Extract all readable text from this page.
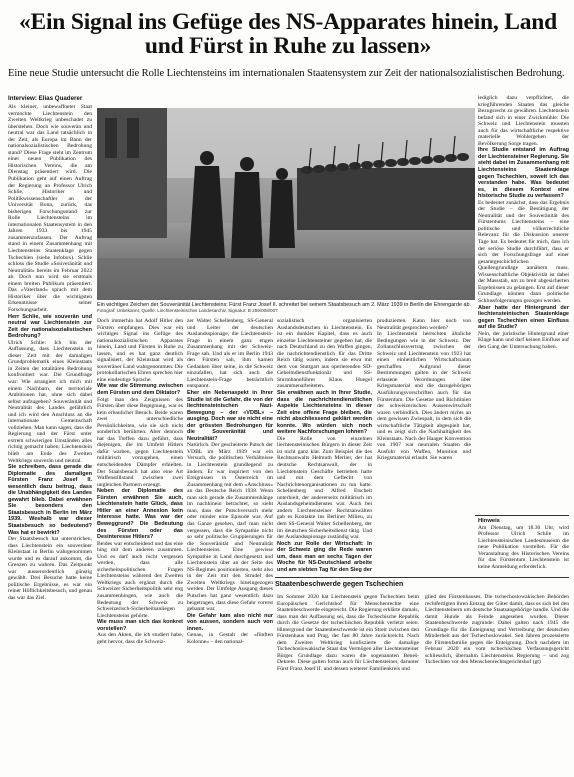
«Ein Signal ins Gefüge des NS-Apparates hinein, Land und Fürst in Ruhe zu lassen»

Eine neue Studie untersucht die Rolle Liechtensteins im internationalen Staatensystem zur Zeit der nationalsozialistischen Bedrohung.

Interview: Elias Quaderer

Als kleiner, unbewaffneter Staat vermochte Liechtenstein den Zweiten Weltkrieg unbeschadet zu überstehen. Doch wie souverän und neutral war das Land tatsächlich in der Zeit, als Europa im Bann der nationalsozialistischen Bedrohung stand? Diese Frage steht im Zentrum einer neuen Publikation des Historischen Vereins, die am Dienstag präsentiert wird. Die Publikation geht auf einen Auftrag der Regierung an Professor Ulrich Schlie, Historiker und Politikwissenschaftler an der Universität Bonn, zurück, das bisherigen Forschungsstand zur Rolle Liechtensteins im internationalen Staatensystem in den Jahren 1933 bis 1945 zusammenzufassen. Der Auftrag stand in einem Zusammenhang mit Liechtensteins Staatenklage gegen Tschechien (siehe Infobox). Schlie schloss die Studie «Souveränität und Neutralität» bereits im Februar 2022 ab. Doch nun wird sie erstmals einem breiten Publikum präsentiert. Das «Vaterland» sprach mit dem Historiker über die wichtigsten Erkenntnisse seiner Forschungsarbeit.

Herr Schlie, wie souverän und neutral war Liechtenstein zur Zeit der nationalsozialistischen Bedrohung?

Ulrich Schlie: Ich bin der Auffassung, dass Liechtenstein in dieser Zeit mit der damaligen Grundproblematik eines Kleinstaats in Zeiten der totalitären Bedrohung konfrontiert war. Die Grundfrage war: Wie arrangiert ich mich mit einem Nachbarn, der territoriale Ambitionen hat, ohne sich dabei selbst aufzugeben? Souveränität und Neutralität des Landes gefährlich und ich wird den Anschluss an die internationale Gemeinschaft vollziehen. Man kann sagen, dass die Regierung und der Fürst unter extrem schwierigen Umständen alles richtig gemacht haben: Liechtenstein blieb am Ende des Zweiten Weltkriegs souverän und neutral.

Sie schreiben, dass gerade die Diplomatie des damaligen Fürsten Franz Josef II. wesentlich dazu beitrug, dass die Unabhängigkeit des Landes gewahrt blieb. Dabei erwähnen Sie besonders den Staatsbesuch in Berlin im März 1939. Weshalb war dieser Staatsbesuch so bedeutend? Was hat er bewirkt?

Der Staatsbesuch hat unterstrichen, dass Liechtenstein ein souveräner Kleinstaat in Berlin wahrgenommen wurde und es darauf ankommt, die Grenzen zu wahren. Das Zeitpunkt war ausserordentlich günstig gewählt. Drei Besuche hatte keine politische Ergebnisse, es war ein reiner Höflichkeitsbesuch, und genau das war das Ziel.

Ein wichtiges Zeichen der Souveränität Liechtensteins: Fürst Franz Josef II. schreitet bei seinem Staatsbesuch am 2. März 1939 in Berlin die Ehrengarde ab.
Fotograf: Unbekannt, Quelle: Liechtensteinisches Landesarchiv, Signatur: B 259/008/007

Doch immerhin hat Adolf Hitler den Fürsten empfangen. Dies war ein wichtiges Signal ins Gefüge des nationalsozialistischen Apparates hinein, Land und Fürsten in Ruhe zu lassen, und es hat ganz deutlich signalisiert, der Kleinstaat wird als souveräner Land wahrgenommen. Die protokollarischen Ehren sprechen hier eine eindeutige Sprache.

Wie war die Stimmung zwischen dem Fürsten und dem Diktator?

Folgt man den Zeugnissen des Fürsten über diese Begegnung, war es kein erbaulicher Besuch. Beide waren zwei unterschiedliche Persönlichkeiten, wie sie sich nicht sonderlich berührten. Aber dennoch hat das Treffen dazu geführt, dass diejenigen, die im Umfeld Hitlers dafür warben, gegen Liechtenstein militärisch vorzugehen, einen entscheidenden Dämpfer erhielten. Der Staatsbesuch hat also eine Art Waffenstillstand zwischen zwei ungleichen Partnern erzeugt.

Neben der Diplomatie des Fürsten erwähnen Sie auch, Liechtenstein hatte Glück, dass Hitler an einer Annexion kein Interesse hatte. Was war der Beweggrund? Die Bedeutung des Fürsten oder das Desinteresse Hitlers?

Beides war entscheidend und das eine hing mit dem anderen zusammen. Und es darf auch nicht vergessen werden, dass alle sicherheitspolitischen Fragen Liechtensteins während des Zweiten Weltkriegs auch ergänzt durch die Schweizer Sicherheitspolitik sehr eng zusammenhingen, wie auch die Bedeutung der Schweiz zu Schweizerisch-Sicherheitsanliegen Liechtensteins gehörte.

Wie muss man sich das konkret vorstellen?

Aus den Akten, die ich studiert habe, geht hervor, dass die Schweiz-

zer Walter Schellenberg, SS-General und Leiter der deutschen Auslandsspionage, die Liechtenstein-Frage in einem ganz engen Zusammenhang mit der Schweiz-Frage sah. Und als er im Berlin 1943 den Fürsten sah, ihm kamen Gedanken über seine, in die Schweiz einzufallen, hat sich auch die Liechtenstein-Frage beträchtlich entspannt.

Eher ein Nebenaspekt in Ihrer Studie ist die Gefahr, die von der liechtensteinischen Nazi-Bewegung – der «VDBL» – ausging. Doch war sie nicht eine der grössten Bedrohungen für die Souveränität und Neutralität?

Natürlich. Der gescheiterte Putsch der VDBL im März 1939 war ein Versuch, die politischen Verhältnisse in Liechtenstein grundlegend zu ändern. Er war inspiriert von den Ereignissen in Österreich im Zusammenhang mit dem «Anschluss» an das Deutsche Reich 1938. Wenn man sich gerade die Zusammenhänge im nachhinein betrachtet, so sieht man, dass der Putschversuch mehr oder minder eine Episode war. Auf das Ganze gesehen, darf man nicht vergessen, dass die Sympathie nicht so sehr politische Gruppierungen für die Souveränität und Neutralität Liechtensteins. Eine gewisse Sympathie in Land durchgesetzt und Liechtenstein über an der Seite des NS-Regimes positionierten, steht also in der Zeit mit den Strudel des Zweiten Weltkriegs hineingezogen werden. Der Umfolge Ausgang dieses Putsches hat ganz wesentlich dazu beigetragen, dass diese Gefahr vorerst gebannt war.

Die Gefahr kam also nicht nur von aussen, sondern auch von innen.

Genau, in Gestalt der «fünften Kolonne» – den national-

sozialistisch organisierten Auslandsdeutschen in Liechtenstein. Es ist ein dunkles Kapitel, dass es auch einzelne Liechtensteiner gegeben hat, die nach Deutschland zu den Waffen gingen, die nachrichtendienstlich für das Dritte Reich tätig waren, indem sie etwa mit dem von Stuttgart aus operierenden SD-Geheimdienstfunktionär und SS-Sturmbannführer Klaus Huegel zusammenarbeiteten.

Sie erwähnen auch in Ihrer Studie, dass die nachrichtendienstlichen Aspekte Liechtensteins in dieser Zeit eine offene Frage bleiben, die nicht abschliessend geklärt werden konnte. Wo würden sich noch weitere Nachforschungen lohnen?

Die Rolle von einzelnen liechtensteinischen Bürgern in dieser Zeit ist nicht ganz klar. Zum Beispiel die des Rechtsanwalts Helmuth Merlier, der hat deutsche Rechtsanwalt, der in Liechtenstein Geschäfte betrieben hatte und mit dem Geflecht von Nachrichtenorganisationen zu tun hatte. Schellenberg und Alfred Etscheit unterhielt, der andererseits militärisch im Auslandsgeheimdienstes war. Auch bei andern Liechtensteiner Rechtsanwälten gab es Kontakte ins Berliner Milieu, zu dem SS-General Walter Schellenberg, der im deutschen Sicherheitsdienst tätig. Und der Auslandsspionage zuständig war.

Noch zur Rolle der Wirtschaft: In der Schweiz ging die Rede waren um, dass man an sechs Tagen der Woche für NS-Deutschland arbeite und am siebten Tag für den Sieg der

produzierten. Kann hier noch von Neutralität gesprochen werden?

In Liechtenstein herrschten ähnliche Bedingungen wie in der Schweiz. Der Zollanschlussvertrag zwischen der Schweiz und Liechtenstein von 1923 hat einen einheitlichen Wirtschaftsraum geschaffen. Aufgrund dieser Bestimmungen galten in der Schweiz erlassene Verordnungen über Kriegsmaterial und die dazugehörigen Ausführungsvorschriften auch für das Fürstentum. Die Gesetze und Richtlinien der schweizerischen Aussenwirtschaft waren verbindlich. Dies ändert nichts an dem gewissen Zwiespalt, in dem sich die wirtschaftliche Tätigkeit abgespielt hat, und es zeigt sich die Nachhaltigkeit des Kleinstaats. Nach der Haager Konvention von 1907 war neutralen Staaten die Ausfuhr von Waffen, Munition und Kriegsmaterial erlaubt. Sie waren

lediglich dazu verpflichtet, die kriegführenden Staaten das gleiche Bezugsrecht zu gewähren. Liechtenstein befand sich in einer Zwickmühle: Die Schweiz und Liechtenstein mussten auch für das wirtschaftliche respektive materielle Wohlergehen der Bevölkerung Sorge tragen.

Ihre Studie entstand im Auftrag der Liechtensteiner Regierung. Sie steht dabei im Zusammenhang mit Liechtensteins Staatenklage gegen Tschechien, soweit ich das verstanden habe. Was bedeutet es, in diesem Kontext eine historische Studie zu verfassen?

Es bedeutet zunächst, dass das Ergebnis der Studie – die Bestätigung der Neutralität und der Souveränität des Fürstentums Liechtensteins – eine politische und völkerrechtliche Relevanz für die Diskussion unserer Tage hat. Es bedeutet für mich, dass ich der seriöse Studie durchführt, dass er sich der Forschungsfrage auf einer gesamtgeschichtlichen Quellengrundlage annähern muss. Wissenschaftliche Objektivität ist dabei der Massstab, um zu breit abgesicherten Ergebnissen zu gelangen. Erst auf dieser Grundlage können dann politische Schlussfolgerungen gezogen werden.

Aber hatte der Hintergrund der liechtensteinischen Staatenklage gegen Tschechien einen Einfluss auf die Studie?

Nein, der juristische Hintergrund einer Klage kann und darf keinen Einfluss auf den Gang der Untersuchung haben.

Hinweis

Am Dienstag, um 18.30 Uhr, wird Professor Ulrich Schlie im Liechtensteinischen Landesmuseum die neue Publikation vorstellen. Für die Veranstaltung des Historischen Vereins für das Fürstentum Liechtenstein ist keine Anmeldung erforderlich.

Staatenbeschwerde gegen Tschechien

Im Sommer 2020 hat Liechtenstein gegen Tschechien beim Europäischen Gerichtshof für Menschenrechte eine Staatenbeschwerde eingereicht. Die Regierung erklärte damals, dass man der Auffassung sei, dass die Tschechische Republik durch die Gesetze der tschechischen Republik verletzt seien. Hintergrund der Staatenbeschwerde ist ein Streit zwischen den Fürstenhaus und Prag, der fast 80 Jahre zurückreicht. Nach dem Zweiten Weltkrieg konfiszierte die damalige Tschechoslowakische Staat das Vermögen aller Liechtensteiner Bürger. Grundlage dazu waren die sogenannten Beneš-Dekrete. Diese galten fortan auch für Liechtensteiner, darunter Fürst Franz Josef II. und dessen weiterer Familienkreis und

glied des Fürstenhauses. Die tschechoslowakischen Behörden rechtfertigten ihren Entzug der Güter damit, dass es sich bei den Liechtensteinern um deutsche Staatsangehörige handle. Und die damit Hunde als Feinde angesehen wurden. Dieser Staatenbeschwerde zugrunde: Dabei galten nach 1945 die Grundlage für die Enteignung und Vertreibung der deutschen Minderheit aus der Tschechoslowakei. Seit Jahren prozessierte die Fürstenfamilie gegen die Enteignung. Doch nachdem im Februar 2020 ein vom tschechischen Verfassungsgericht schliesslich, übernahm Liechtensteins Regierung – und zog Tschechien vor den Menschenrechtsgerichtshof (gt)
